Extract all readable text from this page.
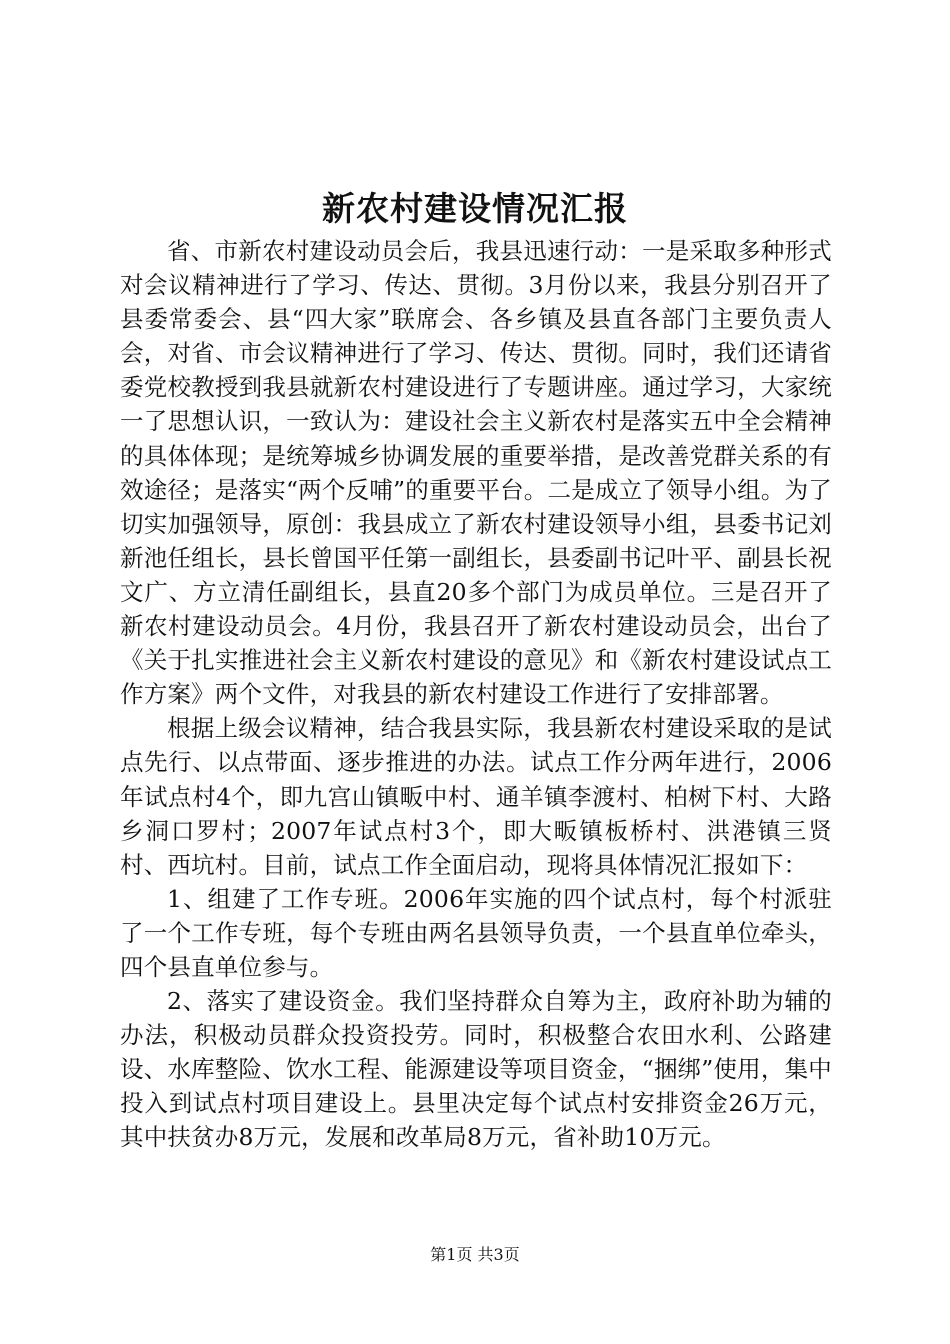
新农村建设情况汇报

省、市新农村建设动员会后，我县迅速行动：一是采取多种形式对会议精神进行了学习、传达、贯彻。3月份以来，我县分别召开了县委常委会、县“四大家”联席会、各乡镇及县直各部门主要负责人会，对省、市会议精神进行了学习、传达、贯彻。同时，我们还请省委党校教授到我县就新农村建设进行了专题讲座。通过学习，大家统一了思想认识，一致认为：建设社会主义新农村是落实五中全会精神的具体体现；是统筹城乡协调发展的重要举措，是改善党群关系的有效途径；是落实“两个反哺”的重要平台。二是成立了领导小组。为了切实加强领导，原创：我县成立了新农村建设领导小组，县委书记刘新池任组长，县长曾国平任第一副组长，县委副书记叶平、副县长祝文广、方立清任副组长，县直20多个部门为成员单位。三是召开了新农村建设动员会。4月份，我县召开了新农村建设动员会，出台了《关于扎实推进社会主义新农村建设的意见》和《新农村建设试点工作方案》两个文件，对我县的新农村建设工作进行了安排部署。

根据上级会议精神，结合我县实际，我县新农村建设采取的是试点先行、以点带面、逐步推进的办法。试点工作分两年进行，2006年试点村4个，即九宫山镇畈中村、通羊镇李渡村、柏树下村、大路乡洞口罗村；2007年试点村3个，即大畈镇板桥村、洪港镇三贤村、西坑村。目前，试点工作全面启动，现将具体情况汇报如下：

1、组建了工作专班。2006年实施的四个试点村，每个村派驻了一个工作专班，每个专班由两名县领导负责，一个县直单位牵头，四个县直单位参与。

2、落实了建设资金。我们坚持群众自筹为主，政府补助为辅的办法，积极动员群众投资投劳。同时，积极整合农田水利、公路建设、水库整险、饮水工程、能源建设等项目资金，“捆绑”使用，集中投入到试点村项目建设上。县里决定每个试点村安排资金26万元，其中扶贫办8万元，发展和改革局8万元，省补助10万元。

第1页 共3页
